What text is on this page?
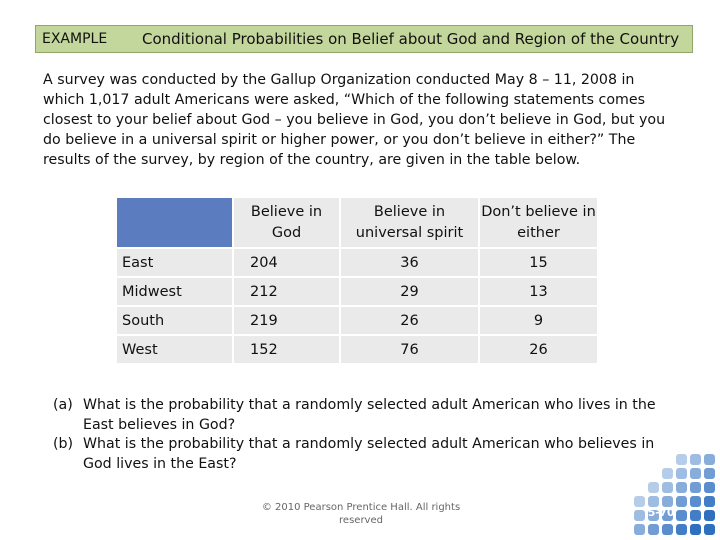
EXAMPLE Conditional Probabilities on Belief about God and Region of the Country

A survey was conducted by the Gallup Organization conducted May 8 – 11, 2008 in which 1,017 adult Americans were asked, “Which of the following statements comes closest to your belief about God – you believe in God, you don’t believe in God, but you do believe in a universal spirit or higher power, or you don’t believe in either?” The results of the survey, by region of the country, are given in the table below.

	Believe in God	Believe in universal spirit	Don’t believe in either
East	204	36	15
Midwest	212	29	13
South	219	26	9
West	152	76	26
(a) What is the probability that a randomly selected adult American who lives in the East believes in God?
(b) What is the probability that a randomly selected adult American who believes in God lives in the East?
© 2010 Pearson Prentice Hall. All rights reserved
5-70
